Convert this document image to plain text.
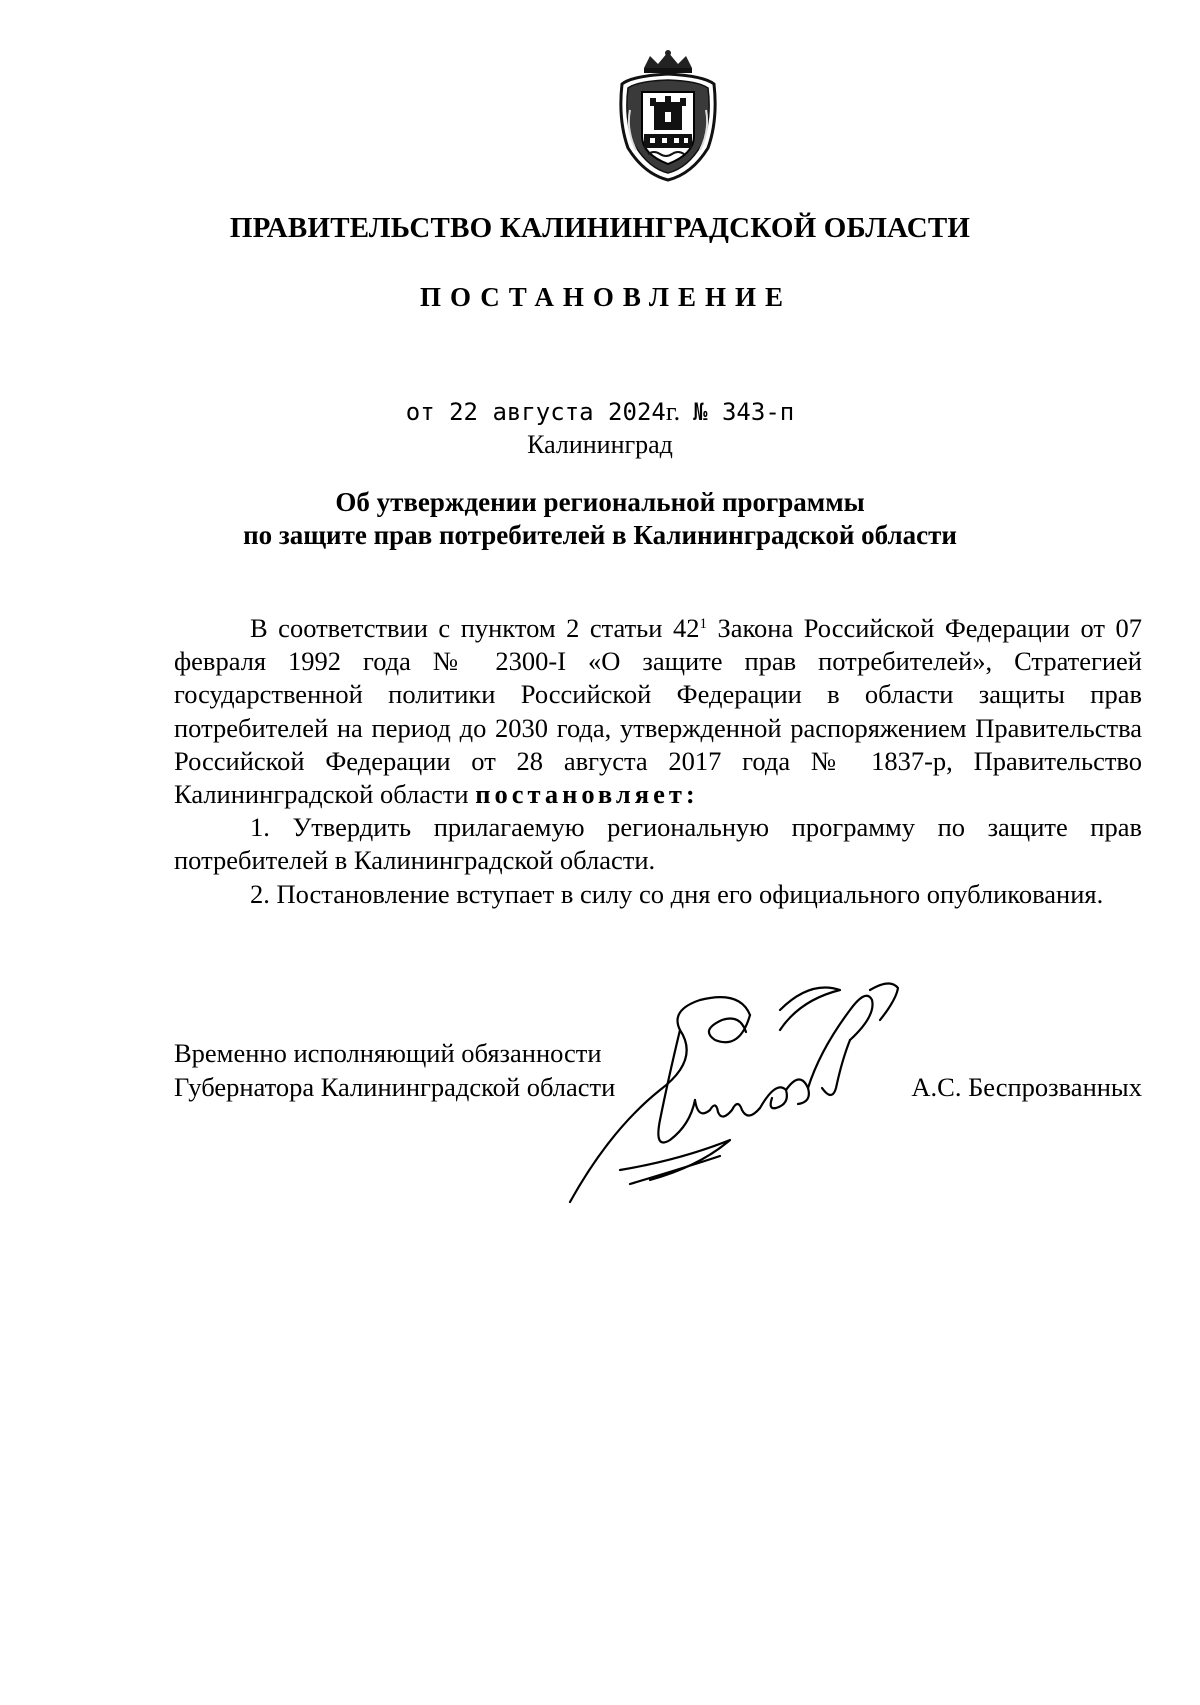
ПРАВИТЕЛЬСТВО КАЛИНИНГРАДСКОЙ ОБЛАСТИ
ПОСТАНОВЛЕНИЕ
от 22 августа 2024г. № 343-п
Калининград
Об утверждении региональной программы
по защите прав потребителей в Калининградской области

В соответствии с пунктом 2 статьи $42^1$ Закона Российской Федерации от 07 февраля 1992 года № 2300-I «О защите прав потребителей», Стратегией государственной политики Российской Федерации в области защиты прав потребителей на период до 2030 года, утвержденной распоряжением Правительства Российской Федерации от 28 августа 2017 года № 1837-р, Правительство Калининградской области постановляет:

1. Утвердить прилагаемую региональную программу по защите прав потребителей в Калининградской области.

2. Постановление вступает в силу со дня его официального опубликования.

Временно исполняющий обязанности
Губернатора Калининградской области	А.С. Беспрозванных
